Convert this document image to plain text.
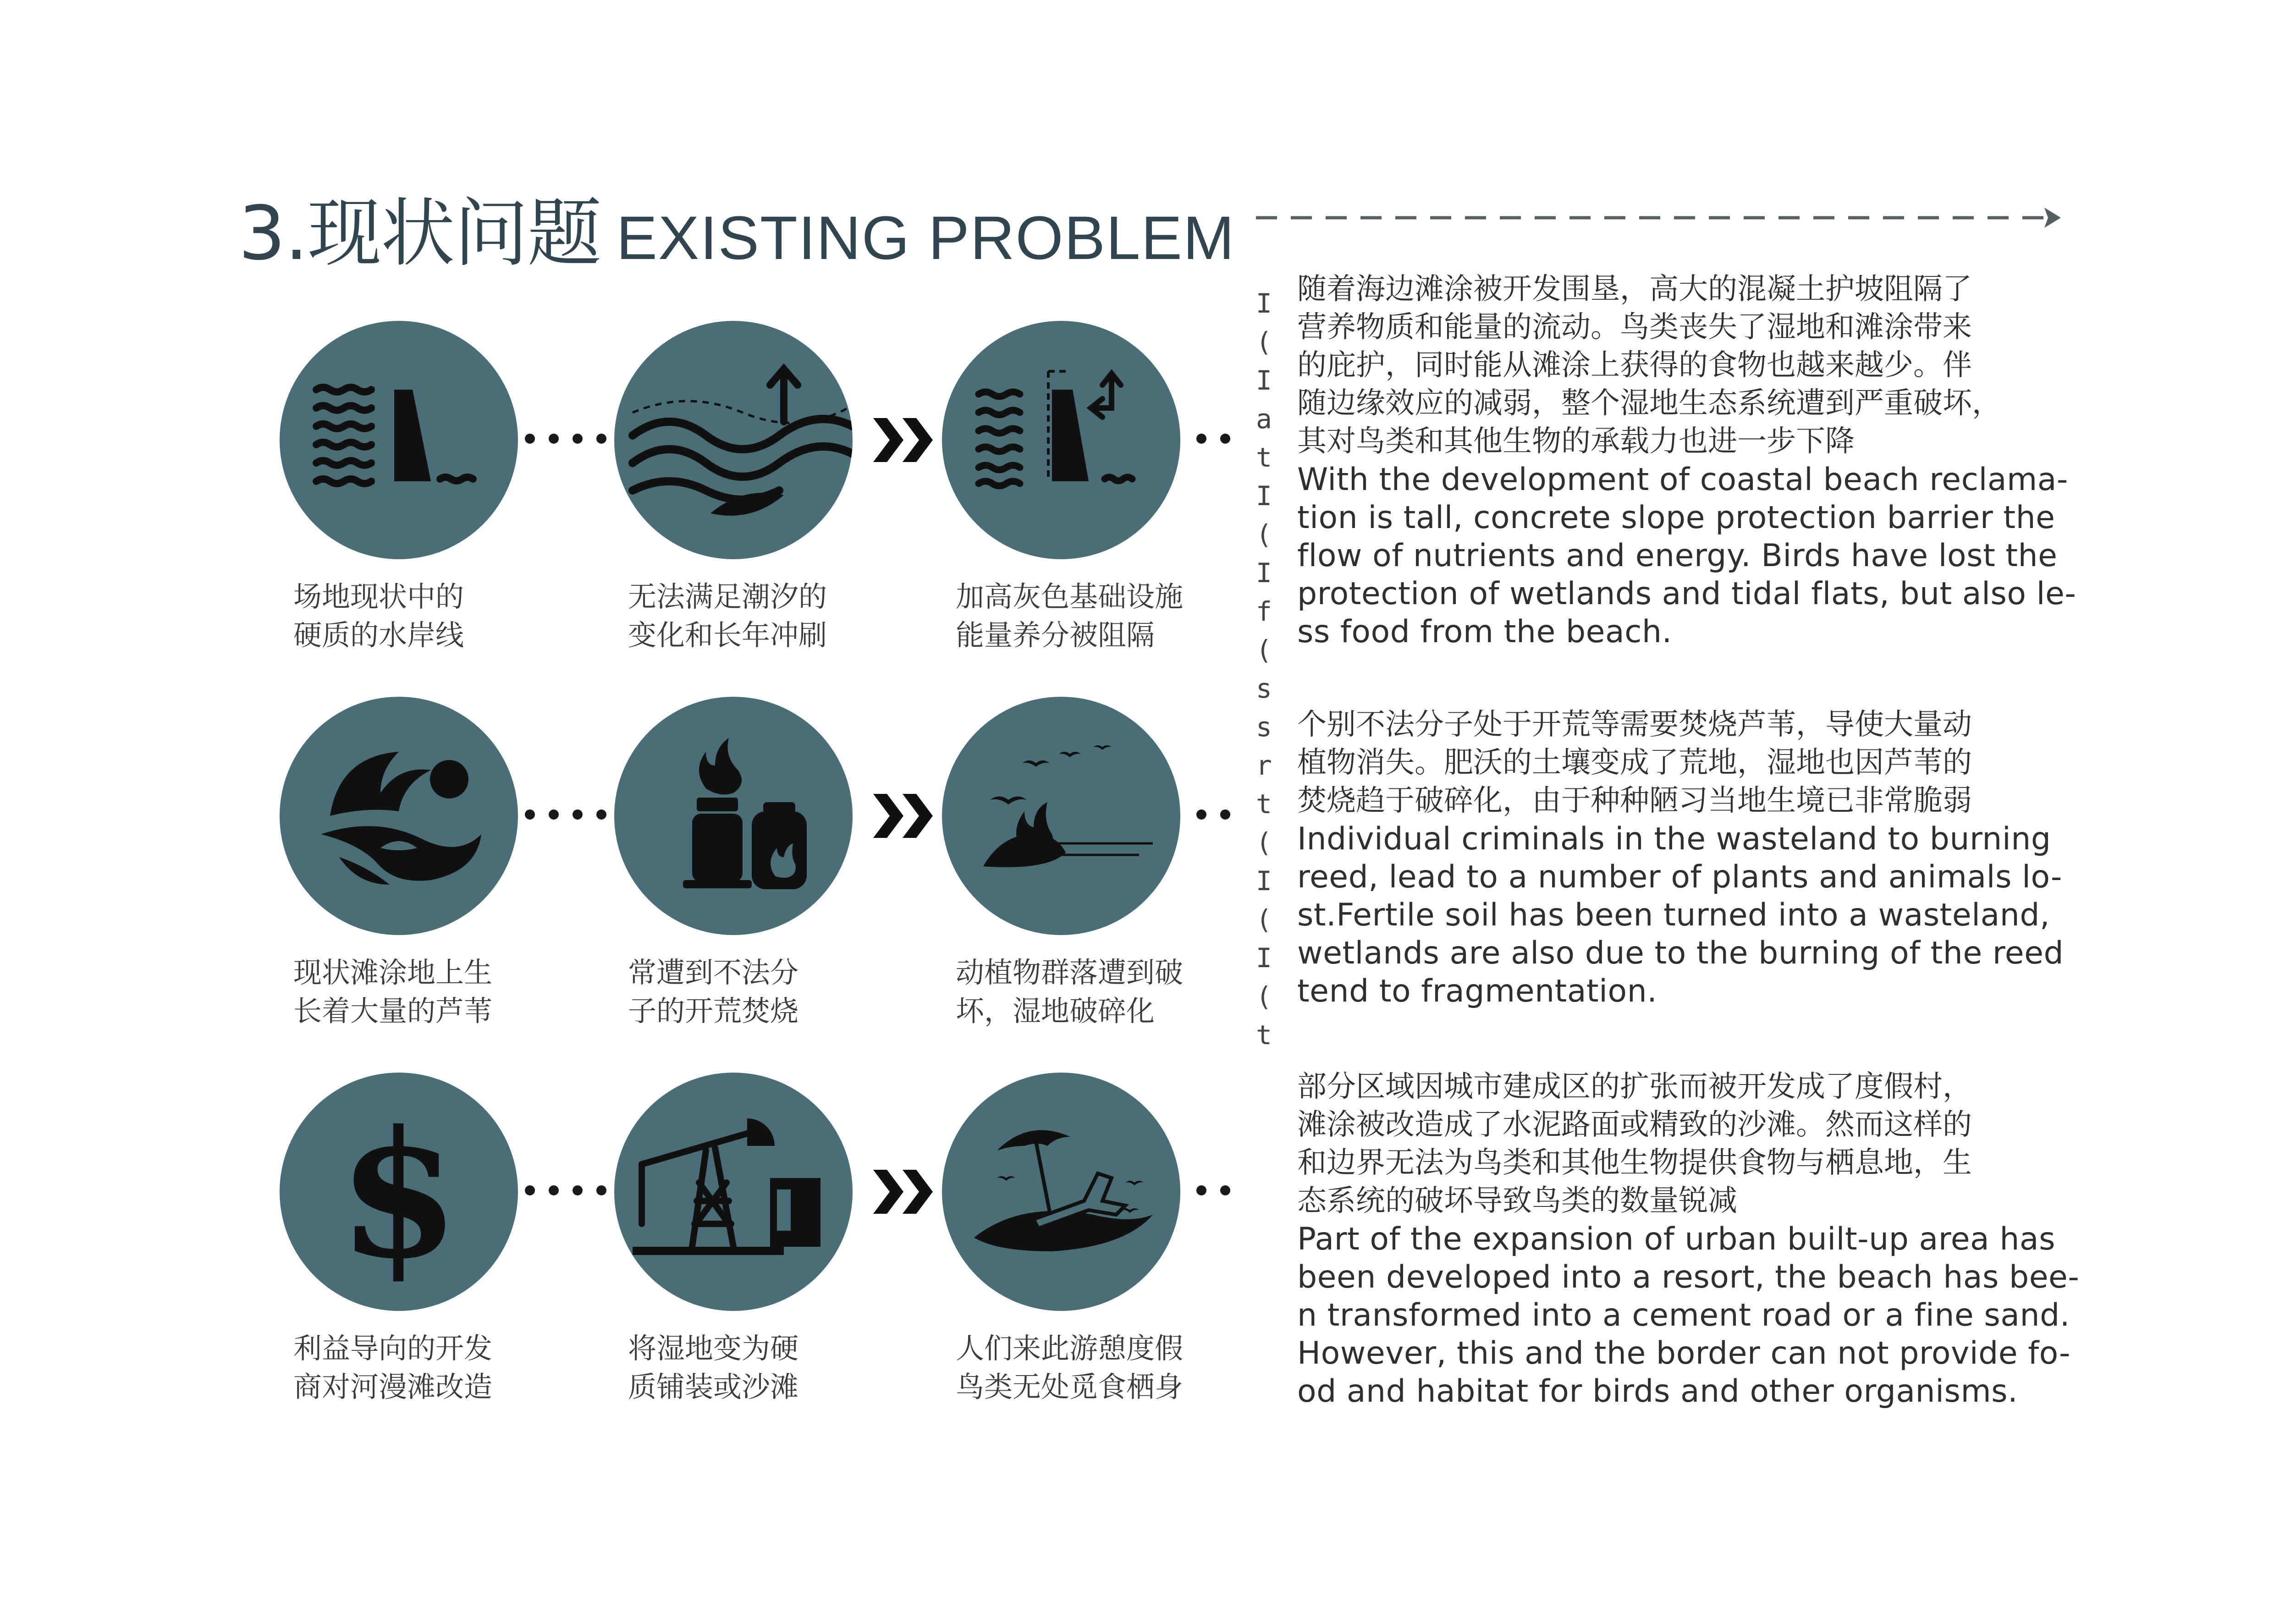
3.现状问题 EXISTING PROBLEM
场地现状中的
硬质的水岸线
无法满足潮汐的
变化和长年冲刷
加高灰色基础设施
能量养分被阻隔
现状滩涂地上生
长着大量的芦苇
常遭到不法分
子的开荒焚烧
动植物群落遭到破
坏，湿地破碎化
$
利益导向的开发
商对河漫滩改造
将湿地变为硬
质铺装或沙滩
人们来此游憩度假
鸟类无处觅食栖身
I
(
I
a
t
I
(
I
f
(
s
s
r
t
(
I
(
I
(
t
随着海边滩涂被开发围垦，高大的混凝土护坡阻隔了
营养物质和能量的流动。鸟类丧失了湿地和滩涂带来
的庇护，同时能从滩涂上获得的食物也越来越少。伴
随边缘效应的减弱，整个湿地生态系统遭到严重破坏，
其对鸟类和其他生物的承载力也进一步下降
With the development of coastal beach reclama-
tion is tall, concrete slope protection barrier the
flow of nutrients and energy. Birds have lost the
protection of wetlands and tidal flats, but also le-
ss food from the beach.
个别不法分子处于开荒等需要焚烧芦苇，导使大量动
植物消失。肥沃的土壤变成了荒地，湿地也因芦苇的
焚烧趋于破碎化，由于种种陋习当地生境已非常脆弱
Individual criminals in the wasteland to burning
reed, lead to a number of plants and animals lo-
st.Fertile soil has been turned into a wasteland,
wetlands are also due to the burning of the reed
tend to fragmentation.
部分区域因城市建成区的扩张而被开发成了度假村，
滩涂被改造成了水泥路面或精致的沙滩。然而这样的
和边界无法为鸟类和其他生物提供食物与栖息地，生
态系统的破坏导致鸟类的数量锐减
Part of the expansion of urban built-up area has
been developed into a resort, the beach has bee-
n transformed into a cement road or a fine sand.
However, this and the border can not provide fo-
od and habitat for birds and other organisms.
